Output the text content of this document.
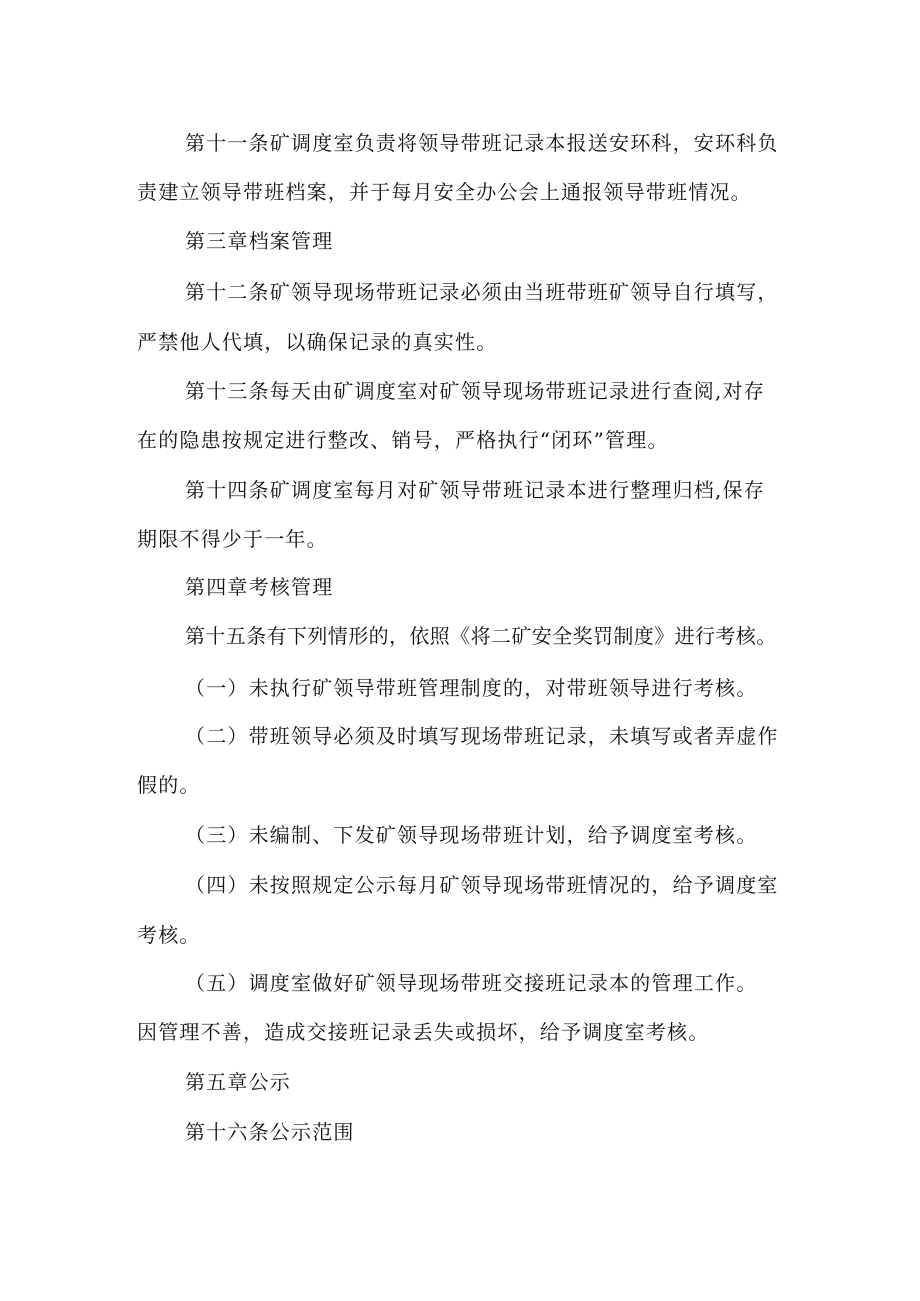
第十一条矿调度室负责将领导带班记录本报送安环科，安环科负
责建立领导带班档案，并于每月安全办公会上通报领导带班情况。
第三章档案管理
第十二条矿领导现场带班记录必须由当班带班矿领导自行填写，
严禁他人代填，以确保记录的真实性。
第十三条每天由矿调度室对矿领导现场带班记录进行查阅,对存
在的隐患按规定进行整改、销号，严格执行“闭环”管理。
第十四条矿调度室每月对矿领导带班记录本进行整理归档,保存
期限不得少于一年。
第四章考核管理
第十五条有下列情形的，依照《将二矿安全奖罚制度》进行考核。
（一）未执行矿领导带班管理制度的，对带班领导进行考核。
（二）带班领导必须及时填写现场带班记录，未填写或者弄虚作
假的。
（三）未编制、下发矿领导现场带班计划，给予调度室考核。
（四）未按照规定公示每月矿领导现场带班情况的，给予调度室
考核。
（五）调度室做好矿领导现场带班交接班记录本的管理工作。
因管理不善，造成交接班记录丢失或损坏，给予调度室考核。
第五章公示
第十六条公示范围
